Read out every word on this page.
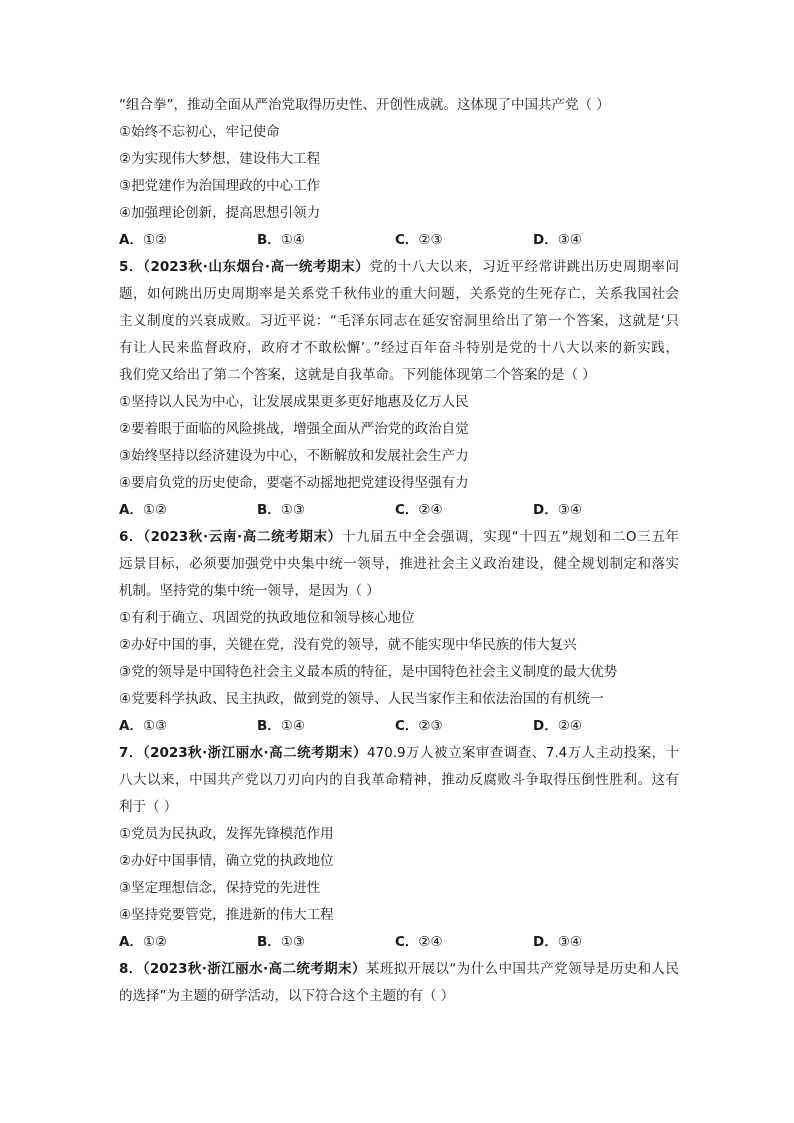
“组合拳”，推动全面从严治党取得历史性、开创性成就。这体现了中国共产党（ ）
①始终不忘初心，牢记使命
②为实现伟大梦想，建设伟大工程
③把党建作为治国理政的中心工作
④加强理论创新，提高思想引领力
A．①②	B．①④	C．②③	D．③④
5．（2023秋·山东烟台·高一统考期末）党的十八大以来，习近平经常讲跳出历史周期率问
题，如何跳出历史周期率是关系党千秋伟业的重大问题，关系党的生死存亡，关系我国社会
主义制度的兴衰成败。习近平说：“毛泽东同志在延安窑洞里给出了第一个答案，这就是‘只
有让人民来监督政府，政府才不敢松懈’。”经过百年奋斗特别是党的十八大以来的新实践，
我们党又给出了第二个答案，这就是自我革命。下列能体现第二个答案的是（ ）
①坚持以人民为中心，让发展成果更多更好地惠及亿万人民
②要着眼于面临的风险挑战，增强全面从严治党的政治自觉
③始终坚持以经济建设为中心，不断解放和发展社会生产力
④要肩负党的历史使命，要毫不动摇地把党建设得坚强有力
A．①②	B．①③	C．②④	D．③④
6．（2023秋·云南·高二统考期末）十九届五中全会强调，实现“十四五”规划和二O三五年
远景目标，必须要加强党中央集中统一领导，推进社会主义政治建设，健全规划制定和落实
机制。坚持党的集中统一领导，是因为（ ）
①有利于确立、巩固党的执政地位和领导核心地位
②办好中国的事，关键在党，没有党的领导，就不能实现中华民族的伟大复兴
③党的领导是中国特色社会主义最本质的特征，是中国特色社会主义制度的最大优势
④党要科学执政、民主执政，做到党的领导、人民当家作主和依法治国的有机统一
A．①③	B．①④	C．②③	D．②④
7．（2023秋·浙江丽水·高二统考期末）470.9万人被立案审查调查、7.4万人主动投案，十
八大以来，中国共产党以刀刃向内的自我革命精神，推动反腐败斗争取得压倒性胜利。这有
利于（ ）
①党员为民执政，发挥先锋模范作用
②办好中国事情，确立党的执政地位
③坚定理想信念，保持党的先进性
④坚持党要管党，推进新的伟大工程
A．①②	B．①③	C．②④	D．③④
8．（2023秋·浙江丽水·高二统考期末）某班拟开展以“为什么中国共产党领导是历史和人民
的选择”为主题的研学活动，以下符合这个主题的有（ ）
